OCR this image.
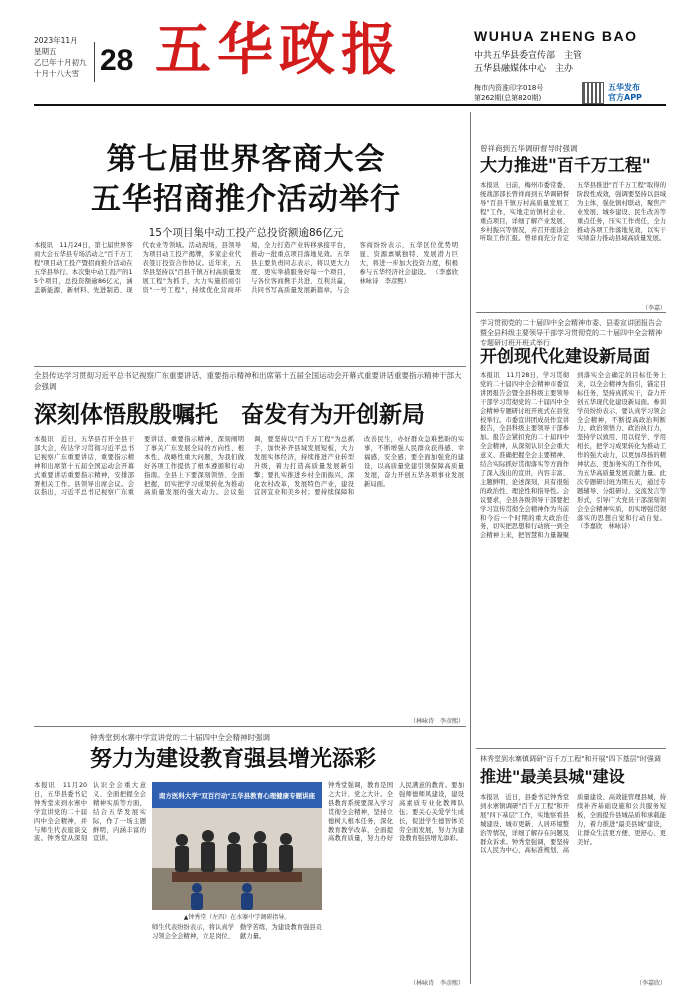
2023年11月
星期五
乙巳年十月初九
十月十八大雪 28 五华政报	WUHUA ZHENG BAO
中共五华县委宣传部　主管
五华县融媒体中心　主办
梅市内资准印字018号
第262期(总第820期)
五华发布
官方APP
第七届世界客商大会
五华招商推介活动举行
15个项目集中动工投产总投资额逾86亿元
本报讯　11月24日，第七届世界客商大会五华县专场活动之"百千万工程"项目动工投产暨招商推介活动在五华县举行。本次集中动工投产的15个项目，总投资额逾86亿元，涵盖新能源、新材料、先进制造、现代农业等领域。活动现场，县领导为项目动工投产揭牌，多家企业代表签订投资合作协议。近年来，五华县坚持以"百县千镇万村高质量发展工程"为抓手，大力实施招商引资"一号工程"，持续优化营商环境，全力打造产业转移承接平台，推动一批重点项目落地见效。五华县主要负责同志表示，将以更大力度、更实举措服务好每一个项目，与各位客商携手共进、互利共赢，共同书写高质量发展新篇章。与会客商纷纷表示，五华区位优势明显、资源禀赋独特、发展潜力巨大，将进一步加大投资力度，积极参与五华经济社会建设。 （李嘉欣　林咏诗　李彦熙）
曾祥商到五华调研督导时强调
大力推进"百千万工程"
本报讯　日前，梅州市委常委、统战部部长曾祥商到五华调研督导"百县千镇万村高质量发展工程"工作，实地走访镇村企业、重点项目，详细了解产业发展、乡村振兴等情况，并召开座谈会听取工作汇报。曾祥商充分肯定五华县推进"百千万工程"取得的阶段性成效，强调要坚持以县域为主体，强化镇村联动，聚焦产业发展、城乡建设、民生改善等重点任务，压实工作责任，全力推动各项工作落地见效，以实干实绩奋力推动县域高质量发展。
（李嘉）
学习贯彻党的二十届四中全会精神市委、县委宣讲团报告会暨全县科级主要领导干部学习贯彻党的二十届四中全会精神专题研讨班开班式举行
开创现代化建设新局面
本报讯　11月28日，学习贯彻党的二十届四中全会精神市委宣讲团报告会暨全县科级主要领导干部学习贯彻党的二十届四中全会精神专题研讨班开班式在县党校举行。市委宣讲团成员作宣讲报告，全县科级主要领导干部参加。报告会紧扣党的二十届四中全会精神，从深刻认识全会重大意义、准确把握全会主要精神、结合实际抓好贯彻落实等方面作了深入浅出的宣讲，内容丰富、主题鲜明、论述深刻，具有很强的政治性、理论性和指导性。会议要求，全县各级领导干部要把学习宣传贯彻全会精神作为当前和今后一个时期的重大政治任务，切实把思想和行动统一到全会精神上来，把智慧和力量凝聚到落实全会确定的目标任务上来，以全会精神为指引，锚定目标任务，坚持真抓实干，奋力开创五华现代化建设新局面。参训学员纷纷表示，要认真学习领会全会精神，不断提高政治判断力、政治领悟力、政治执行力，坚持学以致用、用以促学、学用相长，把学习成果转化为推动工作的强大动力，以更加昂扬的精神状态、更加务实的工作作风，为五华高质量发展贡献力量。此次专题研讨班为期五天，通过专题辅导、分组研讨、交流发言等形式，引导广大党员干部深刻领会全会精神实质，切实增强贯彻落实的思想自觉和行动自觉。 （李嘉欣　林咏诗）
全县传达学习贯彻习近平总书记视察广东重要讲话、重要指示精神和出席第十五届全国运动会开幕式重要讲话重要指示精神干部大会强调
深刻体悟殷殷嘱托　奋发有为开创新局
本报讯　近日，五华县召开全县干部大会，传达学习贯彻习近平总书记视察广东重要讲话、重要指示精神和出席第十五届全国运动会开幕式重要讲话重要指示精神，安排部署相关工作。县领导出席会议。会议指出，习近平总书记视察广东重要讲话、重要指示精神，深刻阐明了事关广东发展全局的方向性、根本性、战略性重大问题，为我们做好各项工作提供了根本遵循和行动指南。全县上下要深刻领悟、全面把握，切实把学习成果转化为推动高质量发展的强大动力。会议强调，要坚持以"百千万工程"为总抓手，加快补齐县域发展短板，大力发展实体经济，持续推进产业转型升级，着力打造高质量发展新引擎；要扎实推进乡村全面振兴，深化农村改革，发展特色产业，建设宜居宜业和美乡村；要持续保障和改善民生，办好群众急难愁盼的实事，不断增强人民群众获得感、幸福感、安全感；要全面加强党的建设，以高质量党建引领保障高质量发展，奋力开创五华各项事业发展新局面。
（林咏诗　李彦熙）
钟秀堂到水寨中学宣讲党的二十届四中全会精神时强调
努力为建设教育强县增光添彩
本报讯　11月20日，五华县委书记钟秀堂来到水寨中学宣讲党的二十届四中全会精神，并与师生代表座谈交流。钟秀堂从深刻认识全会重大意义、全面把握全会精神实质等方面，结合五华发展实际，作了一场主题鲜明、内涵丰富的宣讲。
南方医科大学"双百行动"五华县教育心理健康专题讲座
▲钟秀堂（左四）在水寨中学调研指导。
师生代表纷纷表示，将认真学习领会全会精神，立足岗位、勤学苦练，为建设教育强县贡献力量。
钟秀堂强调，教育是国之大计、党之大计。全县教育系统要深入学习贯彻全会精神，坚持立德树人根本任务，深化教育教学改革，全面提高教育质量，努力办好人民满意的教育。要加强师德师风建设，建设高素质专业化教师队伍；要关心关爱学生成长，促进学生德智体美劳全面发展，努力为建设教育强县增光添彩。
（林咏诗　李彦熙）
林秀堂到水寨镇调研"百千万工程"和开展"四下基层"时强调
推进"最美县城"建设
本报讯　近日，县委书记钟秀堂到水寨镇调研"百千万工程"和开展"四下基层"工作，实地察看县城建设、城市更新、人居环境整治等情况，详细了解存在问题及群众诉求。钟秀堂强调，要坚持以人民为中心，高标准规划、高质量建设、高效能管理县城，持续补齐基础设施和公共服务短板，全面提升县城品质和承载能力，着力推进"最美县城"建设，让群众生活更方便、更舒心、更美好。
（李嘉欣）
